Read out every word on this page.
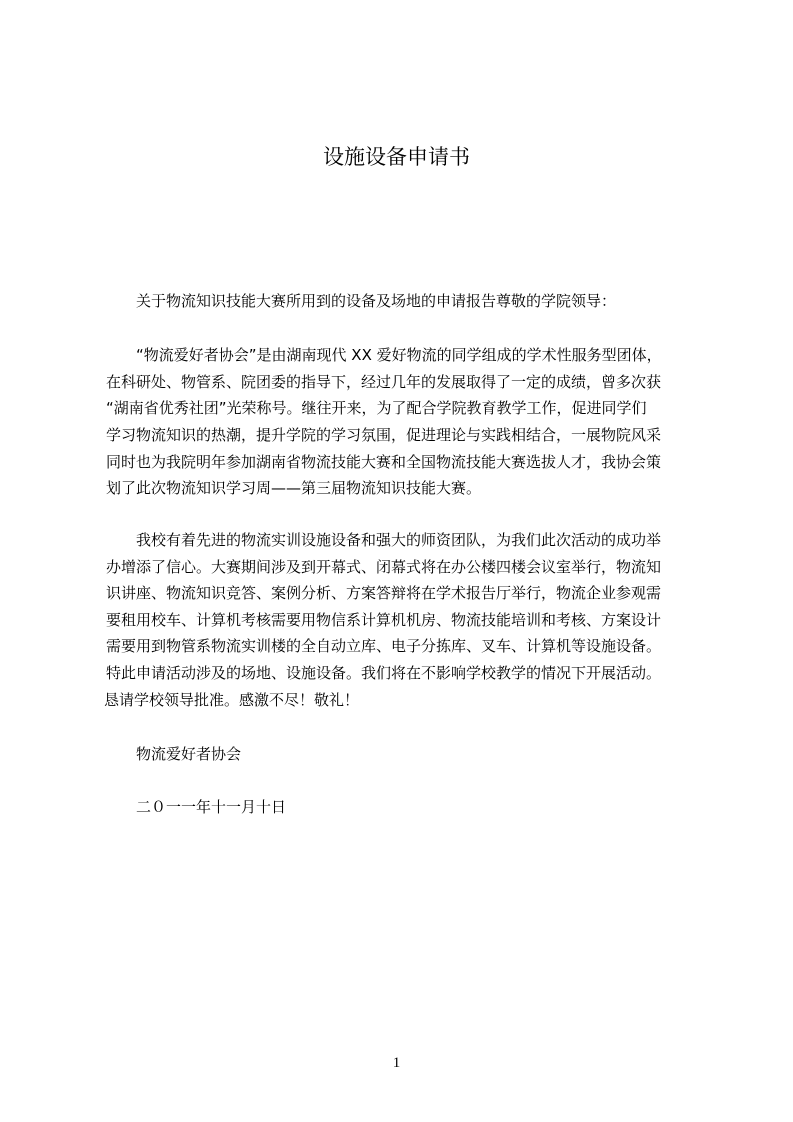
设施设备申请书
关于物流知识技能大赛所用到的设备及场地的申请报告尊敬的学院领导：
“物流爱好者协会”是由湖南现代 XX 爱好物流的同学组成的学术性服务型团体，
在科研处、物管系、院团委的指导下，经过几年的发展取得了一定的成绩，曾多次获
“湖南省优秀社团”光荣称号。继往开来，为了配合学院教育教学工作，促进同学们
学习物流知识的热潮，提升学院的学习氛围，促进理论与实践相结合，一展物院风采
同时也为我院明年参加湖南省物流技能大赛和全国物流技能大赛选拔人才，我协会策
划了此次物流知识学习周——第三届物流知识技能大赛。
我校有着先进的物流实训设施设备和强大的师资团队，为我们此次活动的成功举
办增添了信心。大赛期间涉及到开幕式、闭幕式将在办公楼四楼会议室举行，物流知
识讲座、物流知识竞答、案例分析、方案答辩将在学术报告厅举行，物流企业参观需
要租用校车、计算机考核需要用物信系计算机机房、物流技能培训和考核、方案设计
需要用到物管系物流实训楼的全自动立库、电子分拣库、叉车、计算机等设施设备。
特此申请活动涉及的场地、设施设备。我们将在不影响学校教学的情况下开展活动。
恳请学校领导批准。感激不尽！敬礼！
物流爱好者协会
二０一一年十一月十日
1
